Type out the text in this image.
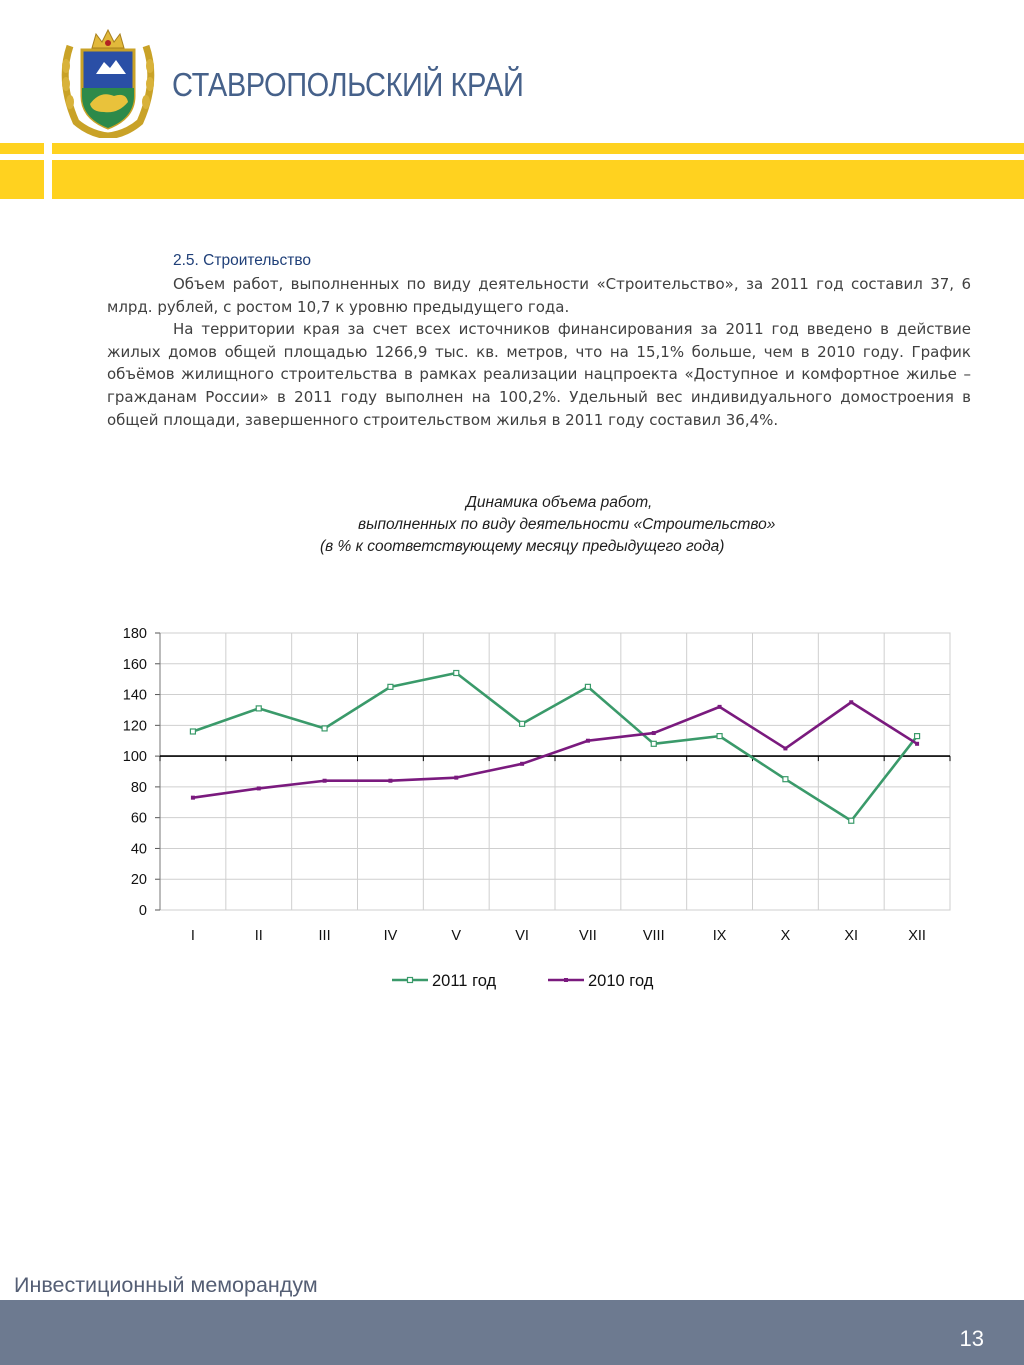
СТАВРОПОЛЬСКИЙ КРАЙ
2.5. Строительство

Объем работ, выполненных по виду деятельности «Строительство», за 2011 год составил 37, 6 млрд. рублей, с ростом 10,7 к уровню предыдущего года.

На территории края за счет всех источников финансирования за 2011 год введено в действие жилых домов общей площадью 1266,9 тыс. кв. метров, что на 15,1% больше, чем в 2010 году. График объёмов жилищного строительства в рамках реализации нацпроекта «Доступное и комфортное жилье – гражданам России» в 2011 году выполнен на 100,2%. Удельный вес индивидуального домостроения в общей площади, завершенного строительством жилья в 2011 году составил 36,4%.

Динамика объема работ,
выполненных по виду деятельности «Строительство»
(в % к соответствующему месяцу предыдущего года)
0
20
40
60
80
100
120
140
160
180
I	II	III	IV	V	VI	VII	VIII	IX	X	XI	XII
2011 год	2010 год
Инвестиционный меморандум
13
